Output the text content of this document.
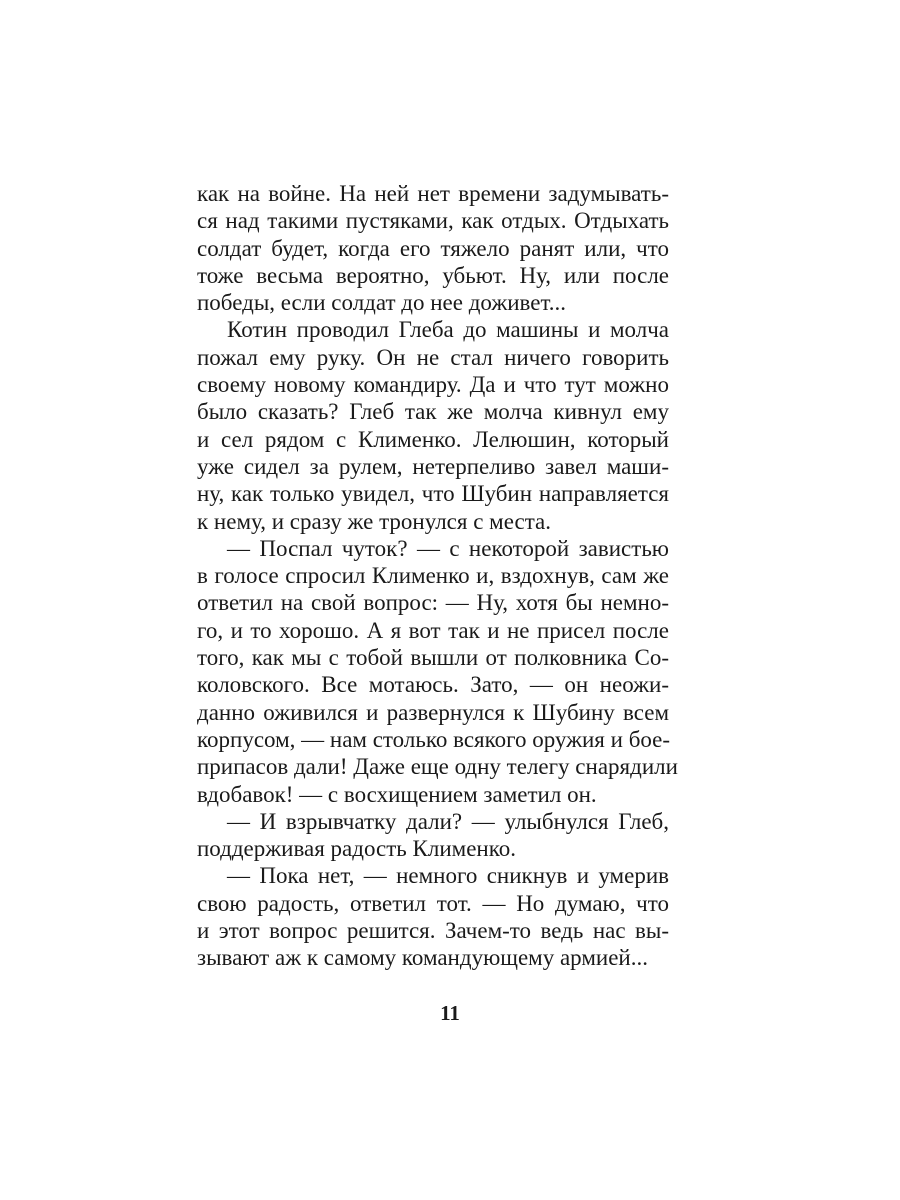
как на войне. На ней нет времени задумывать-
ся над такими пустяками, как отдых. Отдыхать
солдат будет, когда его тяжело ранят или, что
тоже весьма вероятно, убьют. Ну, или после
победы, если солдат до нее доживет...
Котин проводил Глеба до машины и молча
пожал ему руку. Он не стал ничего говорить
своему новому командиру. Да и что тут можно
было сказать? Глеб так же молча кивнул ему
и сел рядом с Клименко. Лелюшин, который
уже сидел за рулем, нетерпеливо завел маши-
ну, как только увидел, что Шубин направляется
к нему, и сразу же тронулся с места.
— Поспал чуток? — с некоторой завистью
в голосе спросил Клименко и, вздохнув, сам же
ответил на свой вопрос: — Ну, хотя бы немно-
го, и то хорошо. А я вот так и не присел после
того, как мы с тобой вышли от полковника Со-
коловского. Все мотаюсь. Зато, — он неожи-
данно оживился и развернулся к Шубину всем
корпусом, — нам столько всякого оружия и бое-
припасов дали! Даже еще одну телегу снарядили
вдобавок! — с восхищением заметил он.
— И взрывчатку дали? — улыбнулся Глеб,
поддерживая радость Клименко.
— Пока нет, — немного сникнув и умерив
свою радость, ответил тот. — Но думаю, что
и этот вопрос решится. Зачем-то ведь нас вы-
зывают аж к самому командующему армией...
11
